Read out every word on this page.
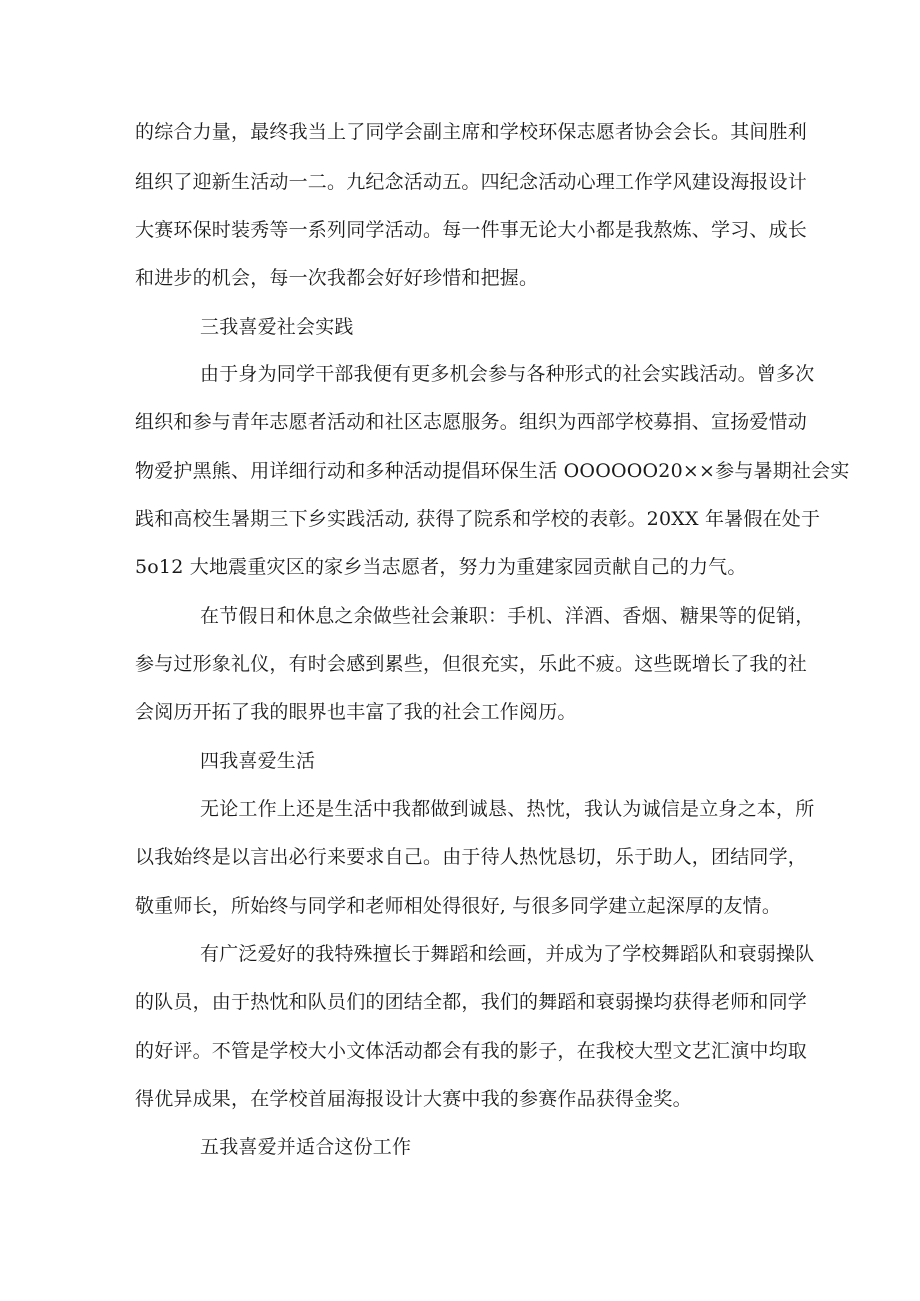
的综合力量，最终我当上了同学会副主席和学校环保志愿者协会会长。其间胜利

组织了迎新生活动一二。九纪念活动五。四纪念活动心理工作学风建设海报设计

大赛环保时装秀等一系列同学活动。每一件事无论大小都是我熬炼、学习、成长

和进步的机会，每一次我都会好好珍惜和把握。

三我喜爱社会实践

由于身为同学干部我便有更多机会参与各种形式的社会实践活动。曾多次

组织和参与青年志愿者活动和社区志愿服务。组织为西部学校募捐、宣扬爱惜动

物爱护黑熊、用详细行动和多种活动提倡环保生活 OOOOOO20××参与暑期社会实

践和高校生暑期三下乡实践活动, 获得了院系和学校的表彰。20XX 年暑假在处于

5o12 大地震重灾区的家乡当志愿者，努力为重建家园贡献自己的力气。

在节假日和休息之余做些社会兼职：手机、洋酒、香烟、糖果等的促销，

参与过形象礼仪，有时会感到累些，但很充实，乐此不疲。这些既增长了我的社

会阅历开拓了我的眼界也丰富了我的社会工作阅历。

四我喜爱生活

无论工作上还是生活中我都做到诚恳、热忱，我认为诚信是立身之本，所

以我始终是以言出必行来要求自己。由于待人热忱恳切，乐于助人，团结同学，

敬重师长，所始终与同学和老师相处得很好, 与很多同学建立起深厚的友情。

有广泛爱好的我特殊擅长于舞蹈和绘画，并成为了学校舞蹈队和衰弱操队

的队员，由于热忱和队员们的团结全都，我们的舞蹈和衰弱操均获得老师和同学

的好评。不管是学校大小文体活动都会有我的影子，在我校大型文艺汇演中均取

得优异成果，在学校首届海报设计大赛中我的参赛作品获得金奖。

五我喜爱并适合这份工作
